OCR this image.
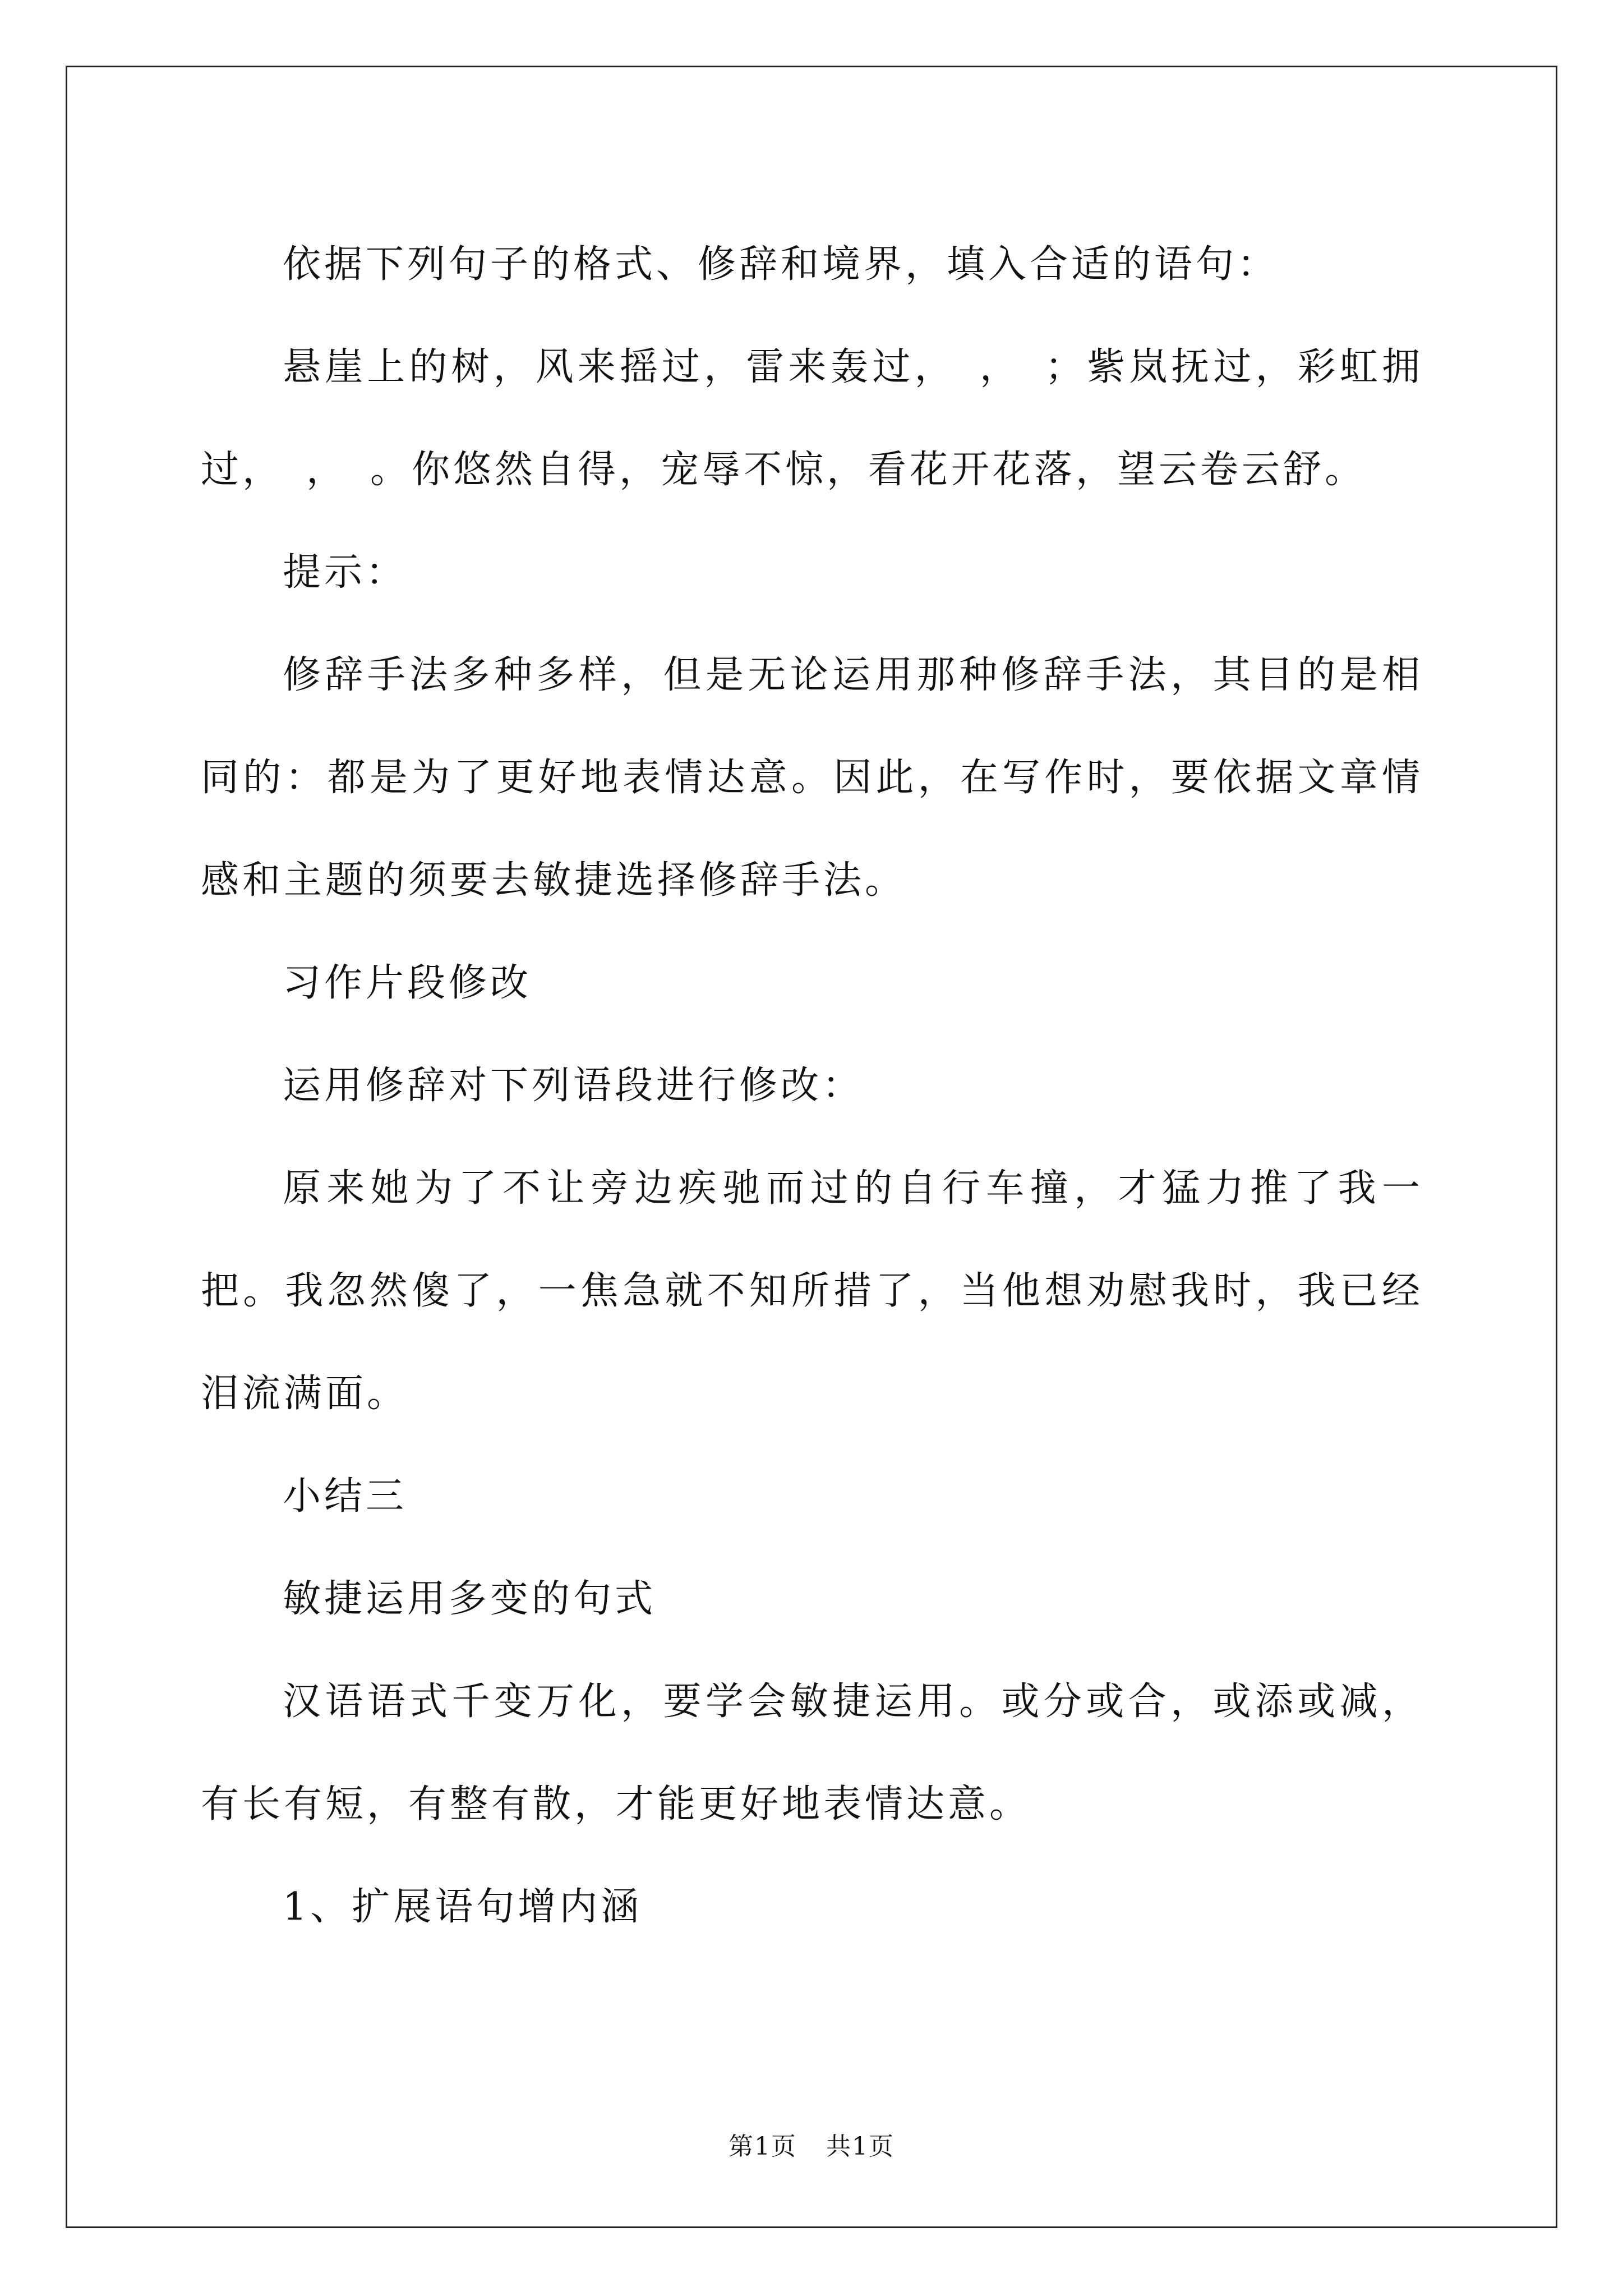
依据下列句子的格式、修辞和境界，填入合适的语句：

悬崖上的树，风来摇过，雷来轰过，　，　；紫岚抚过，彩虹拥过，　，　。你悠然自得，宠辱不惊，看花开花落，望云卷云舒。

提示：

修辞手法多种多样，但是无论运用那种修辞手法，其目的是相同的：都是为了更好地表情达意。因此，在写作时，要依据文章情感和主题的须要去敏捷选择修辞手法。

习作片段修改

运用修辞对下列语段进行修改：

原来她为了不让旁边疾驰而过的自行车撞，才猛力推了我一把。我忽然傻了，一焦急就不知所措了，当他想劝慰我时，我已经泪流满面。

小结三

敏捷运用多变的句式

汉语语式千变万化，要学会敏捷运用。或分或合，或添或减，有长有短，有整有散，才能更好地表情达意。

1、扩展语句增内涵

第1页 共1页
